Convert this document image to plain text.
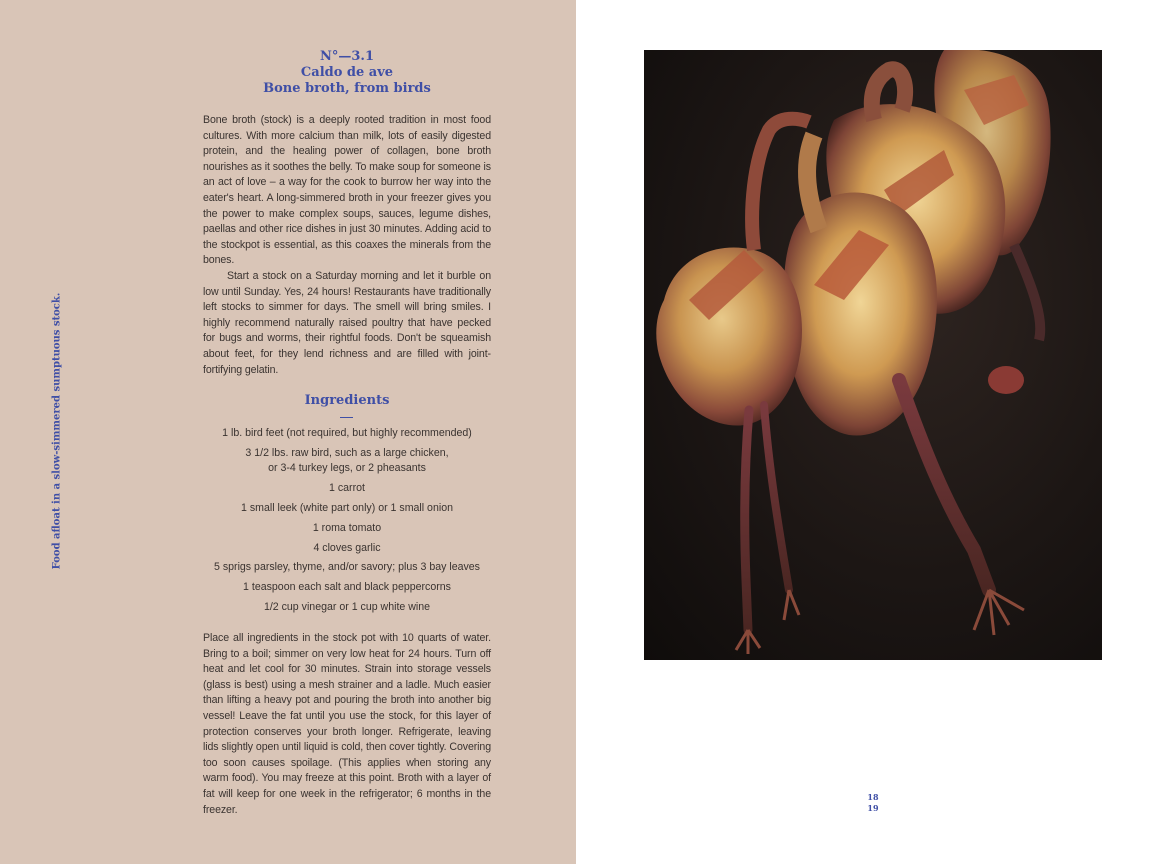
Food afloat in a slow-simmered sumptuous stock.
N°—3.1
Caldo de ave
Bone broth, from birds

Bone broth (stock) is a deeply rooted tradition in most food cultures. With more calcium than milk, lots of easily digested protein, and the healing power of collagen, bone broth nourishes as it soothes the belly. To make soup for someone is an act of love – a way for the cook to burrow her way into the eater's heart. A long-simmered broth in your freezer gives you the power to make complex soups, sauces, legume dishes, paellas and other rice dishes in just 30 minutes. Adding acid to the stockpot is essential, as this coaxes the minerals from the bones.

Start a stock on a Saturday morning and let it burble on low until Sunday. Yes, 24 hours! Restaurants have traditionally left stocks to simmer for days. The smell will bring smiles. I highly recommend naturally raised poultry that have pecked for bugs and worms, their rightful foods. Don't be squeamish about feet, for they lend richness and are filled with joint-fortifying gelatin.

Ingredients
1 lb. bird feet (not required, but highly recommended)
3 1/2 lbs. raw bird, such as a large chicken,
or 3-4 turkey legs, or 2 pheasants
1 carrot
1 small leek (white part only) or 1 small onion
1 roma tomato
4 cloves garlic
5 sprigs parsley, thyme, and/or savory; plus 3 bay leaves
1 teaspoon each salt and black peppercorns
1/2 cup vinegar or 1 cup white wine

Place all ingredients in the stock pot with 10 quarts of water. Bring to a boil; simmer on very low heat for 24 hours. Turn off heat and let cool for 30 minutes. Strain into storage vessels (glass is best) using a mesh strainer and a ladle. Much easier than lifting a heavy pot and pouring the broth into another big vessel! Leave the fat until you use the stock, for this layer of protection conserves your broth longer. Refrigerate, leaving lids slightly open until liquid is cold, then cover tightly. Covering too soon causes spoilage. (This applies when storing any warm food). You may freeze at this point. Broth with a layer of fat will keep for one week in the refrigerator; 6 months in the freezer.

18
19
